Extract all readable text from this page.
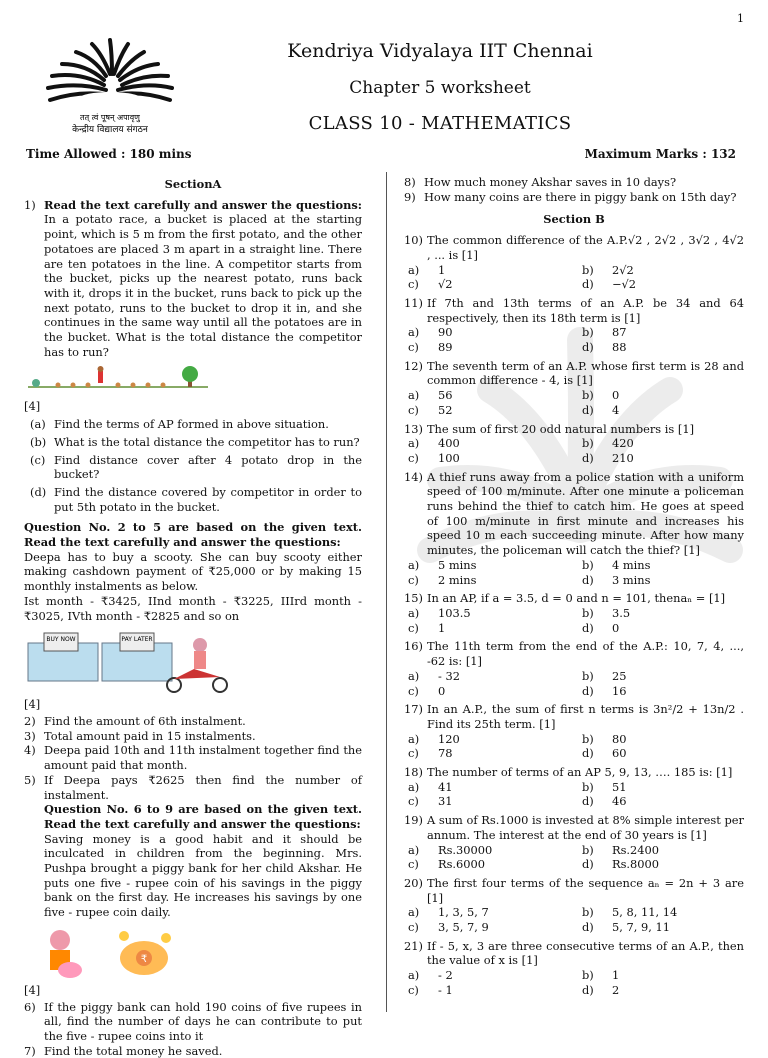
1
तत् त्वं पूषन् अपावृणु
केन्द्रीय विद्यालय संगठन
Kendriya Vidyalaya IIT Chennai
Chapter 5 worksheet
CLASS 10 - MATHEMATICS
Time Allowed : 180 mins	Maximum Marks : 132
SectionA
1) Read the text carefully and answer the questions: In a potato race, a bucket is placed at the starting point, which is 5 m from the first potato, and the other potatoes are placed 3 m apart in a straight line. There are ten potatoes in the line. A competitor starts from the bucket, picks up the nearest potato, runs back with it, drops it in the bucket, runs back to pick up the next potato, runs to the bucket to drop it in, and she continues in the same way until all the potatoes are in the bucket. What is the total distance the competitor has to run?
[4]
(a) Find the terms of AP formed in above situation.
(b) What is the total distance the competitor has to run?
(c) Find distance cover after 4 potato drop in the bucket?
(d) Find the distance covered by competitor in order to put 5th potato in the bucket.
Question No. 2 to 5 are based on the given text. Read the text carefully and answer the questions:
Deepa has to buy a scooty. She can buy scooty either making cashdown payment of ₹25,000 or by making 15 monthly instalments as below.
Ist month - ₹3425, IInd month - ₹3225, IIIrd month - ₹3025, IVth month - ₹2825 and so on
BUY NOW	PAY LATER
[4]
2) Find the amount of 6th instalment.
3) Total amount paid in 15 instalments.
4) Deepa paid 10th and 11th instalment together find the amount paid that month.
5) If Deepa pays ₹2625 then find the number of instalment.
Question No. 6 to 9 are based on the given text. Read the text carefully and answer the questions:
Saving money is a good habit and it should be inculcated in children from the beginning. Mrs. Pushpa brought a piggy bank for her child Akshar. He puts one five - rupee coin of his savings in the piggy bank on the first day. He increases his savings by one five - rupee coin daily.
₹
[4]
6) If the piggy bank can hold 190 coins of five rupees in all, find the number of days he can contribute to put the five - rupee coins into it
7) Find the total money he saved.
8) How much money Akshar saves in 10 days?
9) How many coins are there in piggy bank on 15th day?
Section B
10) The common difference of the A.P.√2 , 2√2 , 3√2 , 4√2 , ... is [1]
a) 1	b) 2√2
c) √2	d) −√2
11) If 7th and 13th terms of an A.P. be 34 and 64 respectively, then its 18th term is [1]
a) 90	b) 87
c) 89	d) 88
12) The seventh term of an A.P. whose first term is 28 and common difference - 4, is [1]
a) 56	b) 0
c) 52	d) 4
13) The sum of first 20 odd natural numbers is [1]
a) 400	b) 420
c) 100	d) 210
14) A thief runs away from a police station with a uniform speed of 100 m/minute. After one minute a policeman runs behind the thief to catch him. He goes at speed of 100 m/minute in first minute and increases his speed 10 m each succeeding minute. After how many minutes, the policeman will catch the thief? [1]
a) 5 mins	b) 4 mins
c) 2 mins	d) 3 mins
15) In an AP, if a = 3.5, d = 0 and n = 101, thenaₙ = [1]
a) 103.5	b) 3.5
c) 1	d) 0
16) The 11th term from the end of the A.P.: 10, 7, 4, ..., -62 is: [1]
a) - 32	b) 25
c) 0	d) 16
17) In an A.P., the sum of first n terms is 3n²/2 + 13n/2 . Find its 25th term. [1]
a) 120	b) 80
c) 78	d) 60
18) The number of terms of an AP 5, 9, 13, …. 185 is: [1]
a) 41	b) 51
c) 31	d) 46
19) A sum of Rs.1000 is invested at 8% simple interest per annum. The interest at the end of 30 years is [1]
a) Rs.30000	b) Rs.2400
c) Rs.6000	d) Rs.8000
20) The first four terms of the sequence aₙ = 2n + 3 are [1]
a) 1, 3, 5, 7	b) 5, 8, 11, 14
c) 3, 5, 7, 9	d) 5, 7, 9, 11
21) If - 5, x, 3 are three consecutive terms of an A.P., then the value of x is [1]
a) - 2	b) 1
c) - 1	d) 2
